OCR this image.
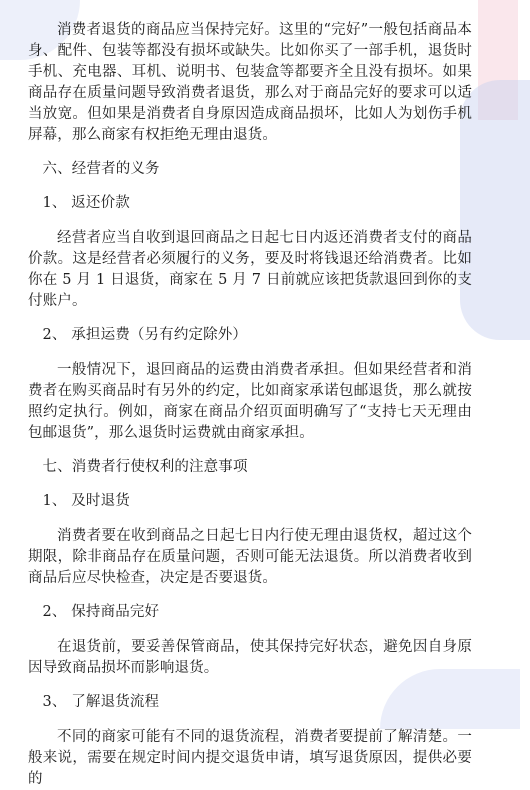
消费者退货的商品应当保持完好。这里的“完好”一般包括商品本身、配件、包装等都没有损坏或缺失。比如你买了一部手机，退货时手机、充电器、耳机、说明书、包装盒等都要齐全且没有损坏。如果商品存在质量问题导致消费者退货，那么对于商品完好的要求可以适当放宽。但如果是消费者自身原因造成商品损坏，比如人为划伤手机屏幕，那么商家有权拒绝无理由退货。

六、经营者的义务

1、 返还价款

经营者应当自收到退回商品之日起七日内返还消费者支付的商品价款。这是经营者必须履行的义务，要及时将钱退还给消费者。比如你在 5 月 1 日退货，商家在 5 月 7 日前就应该把货款退回到你的支付账户。

2、 承担运费（另有约定除外）

一般情况下，退回商品的运费由消费者承担。但如果经营者和消费者在购买商品时有另外的约定，比如商家承诺包邮退货，那么就按照约定执行。例如，商家在商品介绍页面明确写了“支持七天无理由包邮退货”，那么退货时运费就由商家承担。

七、消费者行使权利的注意事项

1、 及时退货

消费者要在收到商品之日起七日内行使无理由退货权，超过这个期限，除非商品存在质量问题，否则可能无法退货。所以消费者收到商品后应尽快检查，决定是否要退货。

2、 保持商品完好

在退货前，要妥善保管商品，使其保持完好状态，避免因自身原因导致商品损坏而影响退货。

3、 了解退货流程

不同的商家可能有不同的退货流程，消费者要提前了解清楚。一般来说，需要在规定时间内提交退货申请，填写退货原因，提供必要的
